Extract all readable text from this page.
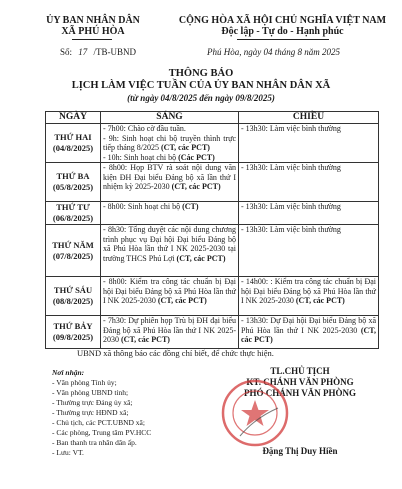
ỦY BAN NHÂN DÂN
XÃ PHÚ HÒA
CỘNG HÒA XÃ HỘI CHỦ NGHĨA VIỆT NAM
Độc lập - Tự do - Hạnh phúc
Số: 17 /TB-UBND	Phú Hòa, ngày 04 tháng 8 năm 2025
THÔNG BÁO
LỊCH LÀM VIỆC TUẦN CỦA ỦY BAN NHÂN DÂN XÃ
(từ ngày 04/8/2025 đến ngày 09/8/2025)
NGÀY	SÁNG	CHIỀU

THỨ HAI
(04/8/2025)	- 7h00: Chào cờ đầu tuần.
- 9h: Sinh hoạt chi bộ truyền thình trực tiếp tháng 8/2025 (CT, các PCT)
- 10h: Sinh hoạt chi bộ (Các PCT)	- 13h30: Làm việc bình thường

THỨ BA
(05/8/2025)	- 8h00: Họp BTV rà soát nội dung văn kiện ĐH Đại biểu Đảng bộ xã lần thứ I nhiệm kỳ 2025-2030 (CT, các PCT)	- 13h30: Làm việc bình thường

THỨ TƯ
(06/8/2025)	- 8h00: Sinh hoạt chi bộ (CT)	- 13h30: Làm việc bình thường

THỨ NĂM
(07/8/2025)	- 8h30: Tổng duyệt các nội dung chương trình phục vụ Đại hội Đại biểu Đảng bộ xã Phú Hòa lần thứ I NK 2025-2030 tại trường THCS Phú Lợi (CT, các PCT)	- 13h30: Làm việc bình thường

THỨ SÁU
(08/8/2025)	- 8h00: Kiểm tra công tác chuẩn bị Đại hội Đại biểu Đảng bộ xã Phú Hòa lần thứ I NK 2025-2030 (CT, các PCT)	- 14h00: : Kiểm tra công tác chuẩn bị Đại hội Đại biểu Đảng bộ xã Phú Hòa lần thứ I NK 2025-2030 (CT, các PCT)

THỨ BẢY
(09/8/2025)	- 7h30: Dự phiên họp Trù bị ĐH đại biểu Đảng bộ xã Phú Hòa lần thứ I NK 2025-2030 (CT, các PCT)	- 13h30: Dự Đại hội Đại biểu Đảng bộ xã Phú Hòa lần thứ I NK 2025-2030 (CT, các PCT)
UBND xã thông báo các đồng chí biết, để chức thực hiện.
Nơi nhận:
- Văn phòng Tỉnh ủy;
- Văn phòng UBND tỉnh;
- Thường trực Đảng ủy xã;
- Thường trực HĐND xã;
- Chủ tịch, các PCT.UBND xã;
- Các phòng, Trung tâm PV.HCC
- Ban thanh tra nhân dân ấp.
- Lưu: VT.
TL.CHỦ TỊCH
KT. CHÁNH VĂN PHÒNG
PHÓ CHÁNH VĂN PHÒNG
Đặng Thị Duy Hiền
